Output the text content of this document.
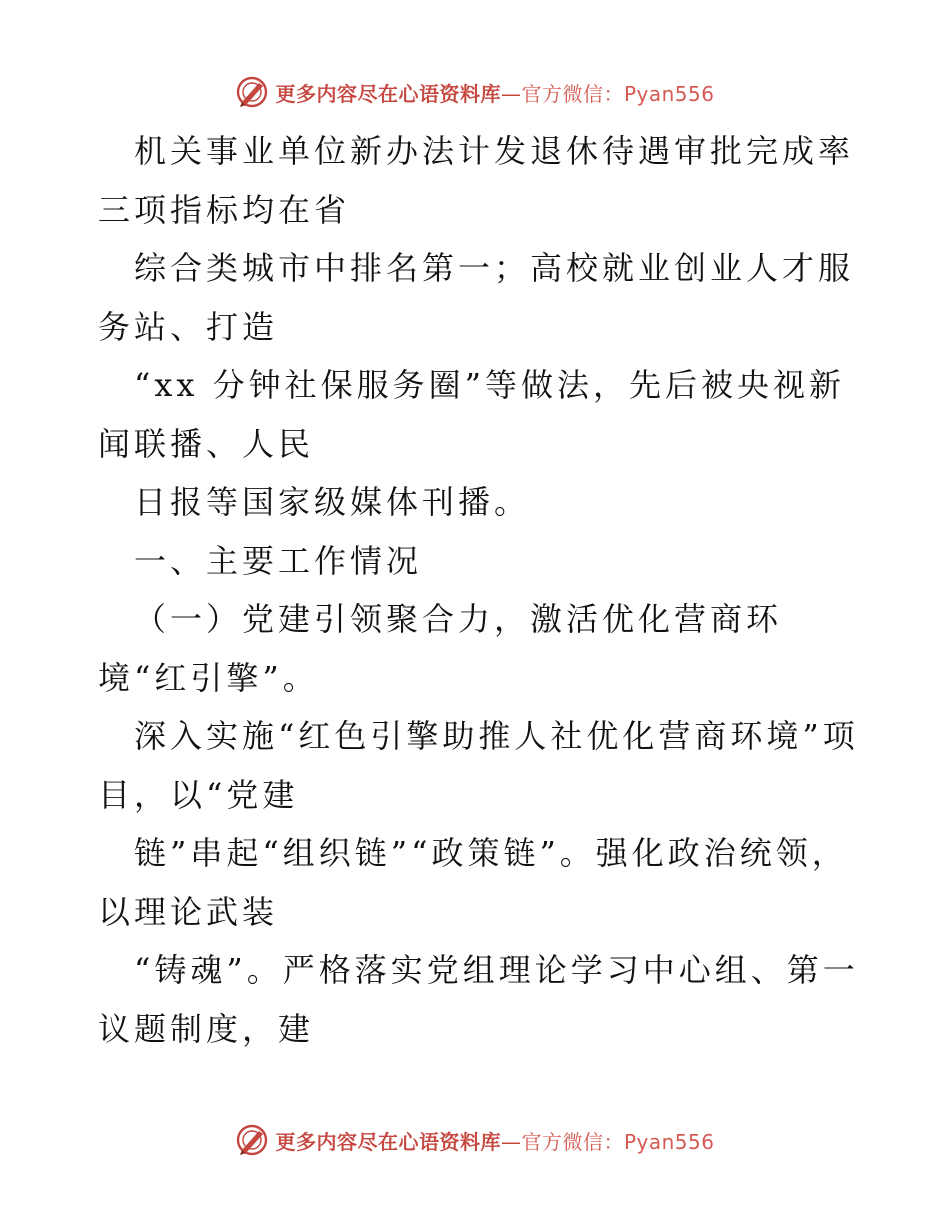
更多内容尽在心语资料库—官方微信：Pyan556

机关事业单位新办法计发退休待遇审批完成率三项指标均在省

综合类城市中排名第一；高校就业创业人才服务站、打造

“xx 分钟社保服务圈”等做法，先后被央视新闻联播、人民

日报等国家级媒体刊播。

一、主要工作情况

（一）党建引领聚合力，激活优化营商环境“红引擎”。

深入实施“红色引擎助推人社优化营商环境”项目，以“党建

链”串起“组织链”“政策链”。强化政治统领，以理论武装

“铸魂”。严格落实党组理论学习中心组、第一议题制度，建

更多内容尽在心语资料库—官方微信：Pyan556
